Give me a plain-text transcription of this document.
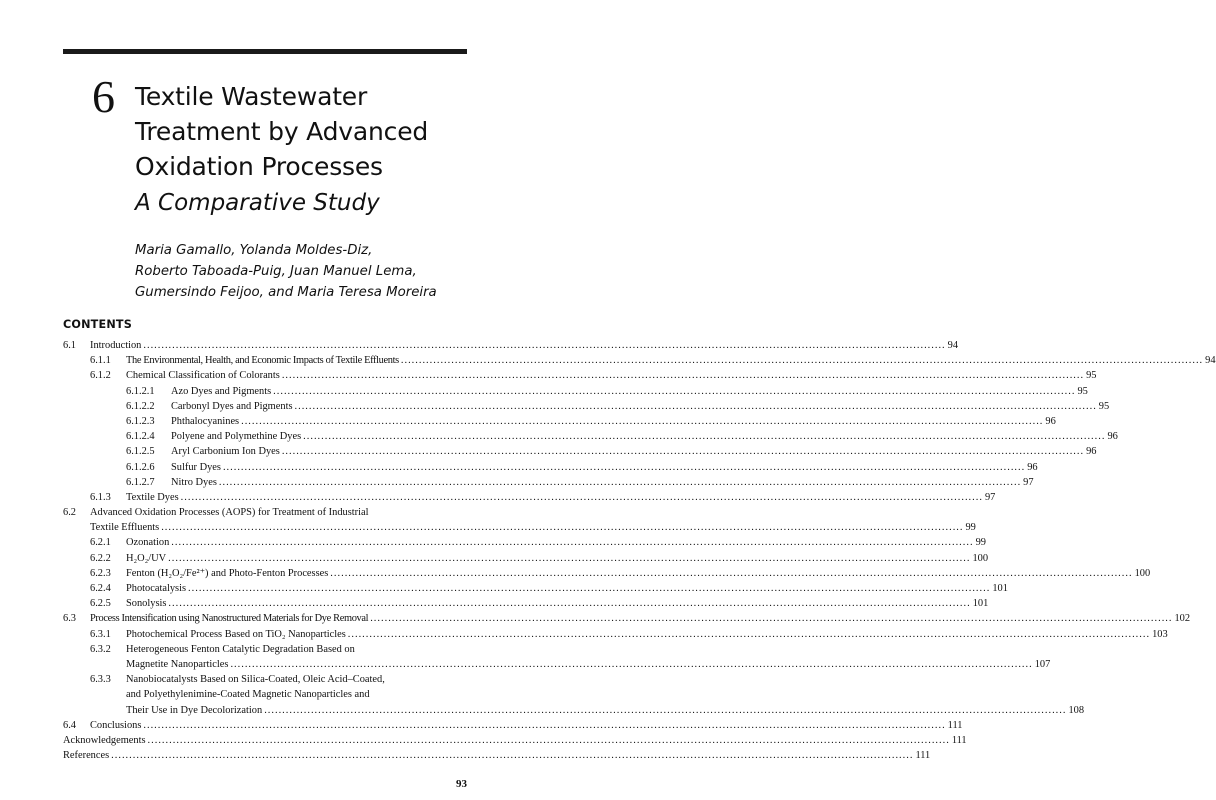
6 Textile Wastewater
Treatment by Advanced
Oxidation Processes
A Comparative Study
Maria Gamallo, Yolanda Moldes-Diz,
Roberto Taboada-Puig, Juan Manuel Lema,
Gumersindo Feijoo, and Maria Teresa Moreira
CONTENTS
6.1	Introduction .....	94
6.1.1	The Environmental, Health, and Economic Impacts of Textile Effluents .....	94
6.1.2	Chemical Classification of Colorants .....	95
6.1.2.1	Azo Dyes and Pigments .....	95
6.1.2.2	Carbonyl Dyes and Pigments .....	95
6.1.2.3	Phthalocyanines .....	96
6.1.2.4	Polyene and Polymethine Dyes .....	96
6.1.2.5	Aryl Carbonium Ion Dyes .....	96
6.1.2.6	Sulfur Dyes .....	96
6.1.2.7	Nitro Dyes .....	97
6.1.3	Textile Dyes .....	97
6.2	Advanced Oxidation Processes (AOPS) for Treatment of Industrial
Textile Effluents .....	99
6.2.1	Ozonation .....	99
6.2.2	H₂O₂/UV .....	100
6.2.3	Fenton (H₂O₂/Fe²⁺) and Photo-Fenton Processes .....	100
6.2.4	Photocatalysis .....	101
6.2.5	Sonolysis .....	101
6.3	Process Intensification using Nanostructured Materials for Dye Removal .....	102
6.3.1	Photochemical Process Based on TiO₂ Nanoparticles .....	103
6.3.2	Heterogeneous Fenton Catalytic Degradation Based on
Magnetite Nanoparticles .....	107
6.3.3	Nanobiocatalysts Based on Silica-Coated, Oleic Acid–Coated,
and Polyethylenimine-Coated Magnetic Nanoparticles and
Their Use in Dye Decolorization .....	108
6.4	Conclusions .....	111
Acknowledgements .....	111
References .....	111
93
